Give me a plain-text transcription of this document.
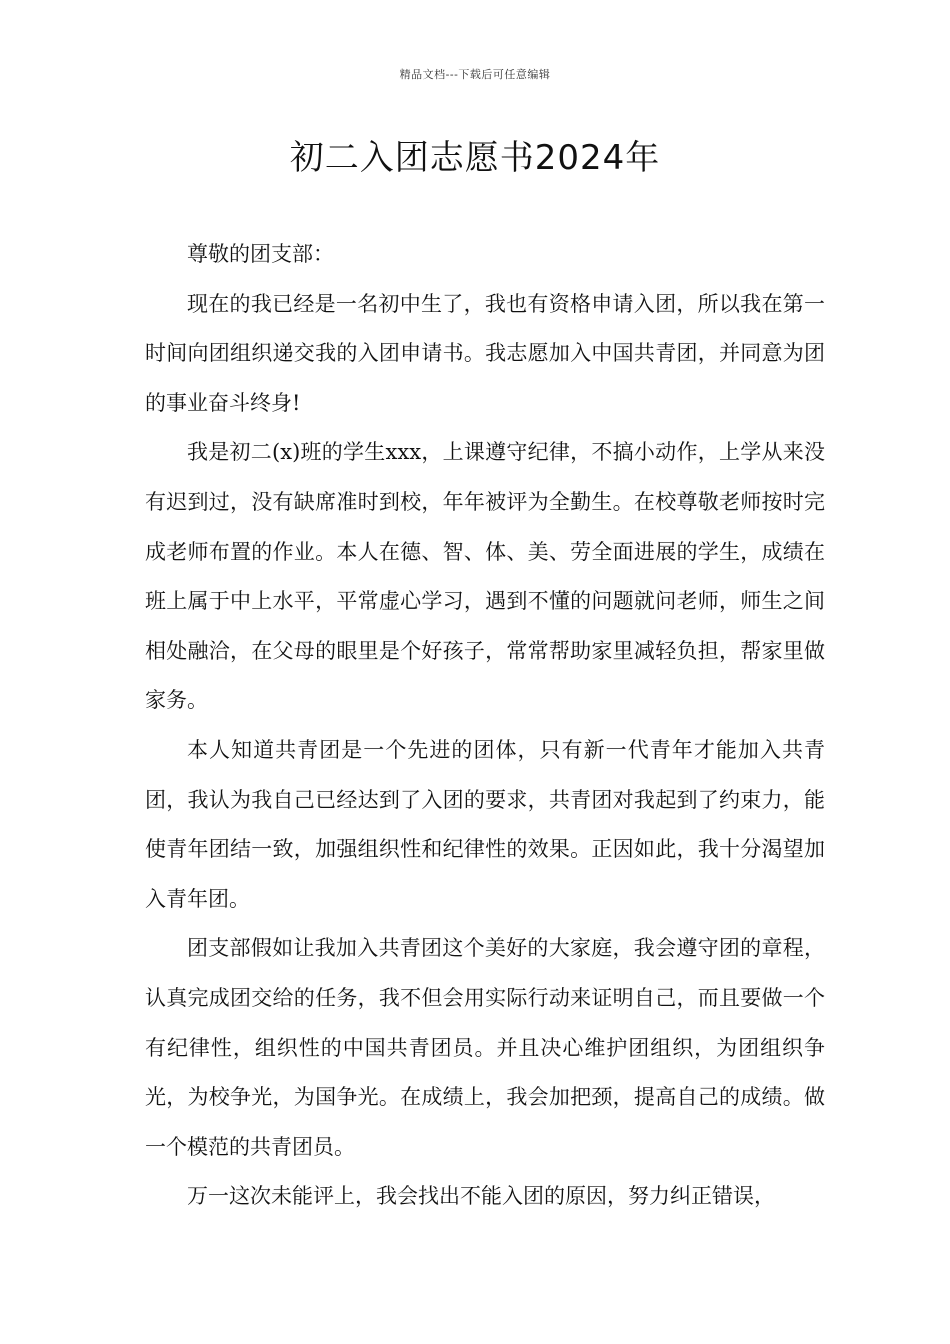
精品文档---下载后可任意编辑
初二入团志愿书2024年

尊敬的团支部：

现在的我已经是一名初中生了，我也有资格申请入团，所以我在第一时间向团组织递交我的入团申请书。我志愿加入中国共青团，并同意为团的事业奋斗终身!

我是初二(x)班的学生xxx，上课遵守纪律，不搞小动作，上学从来没有迟到过，没有缺席准时到校，年年被评为全勤生。在校尊敬老师按时完成老师布置的作业。本人在德、智、体、美、劳全面进展的学生，成绩在班上属于中上水平，平常虚心学习，遇到不懂的问题就问老师，师生之间相处融洽，在父母的眼里是个好孩子，常常帮助家里减轻负担，帮家里做家务。

本人知道共青团是一个先进的团体，只有新一代青年才能加入共青团，我认为我自己已经达到了入团的要求，共青团对我起到了约束力，能使青年团结一致，加强组织性和纪律性的效果。正因如此，我十分渴望加入青年团。

团支部假如让我加入共青团这个美好的大家庭，我会遵守团的章程，认真完成团交给的任务，我不但会用实际行动来证明自己，而且要做一个有纪律性，组织性的中国共青团员。并且决心维护团组织，为团组织争光，为校争光，为国争光。在成绩上，我会加把颈，提高自己的成绩。做一个模范的共青团员。

万一这次未能评上，我会找出不能入团的原因，努力纠正错误，
